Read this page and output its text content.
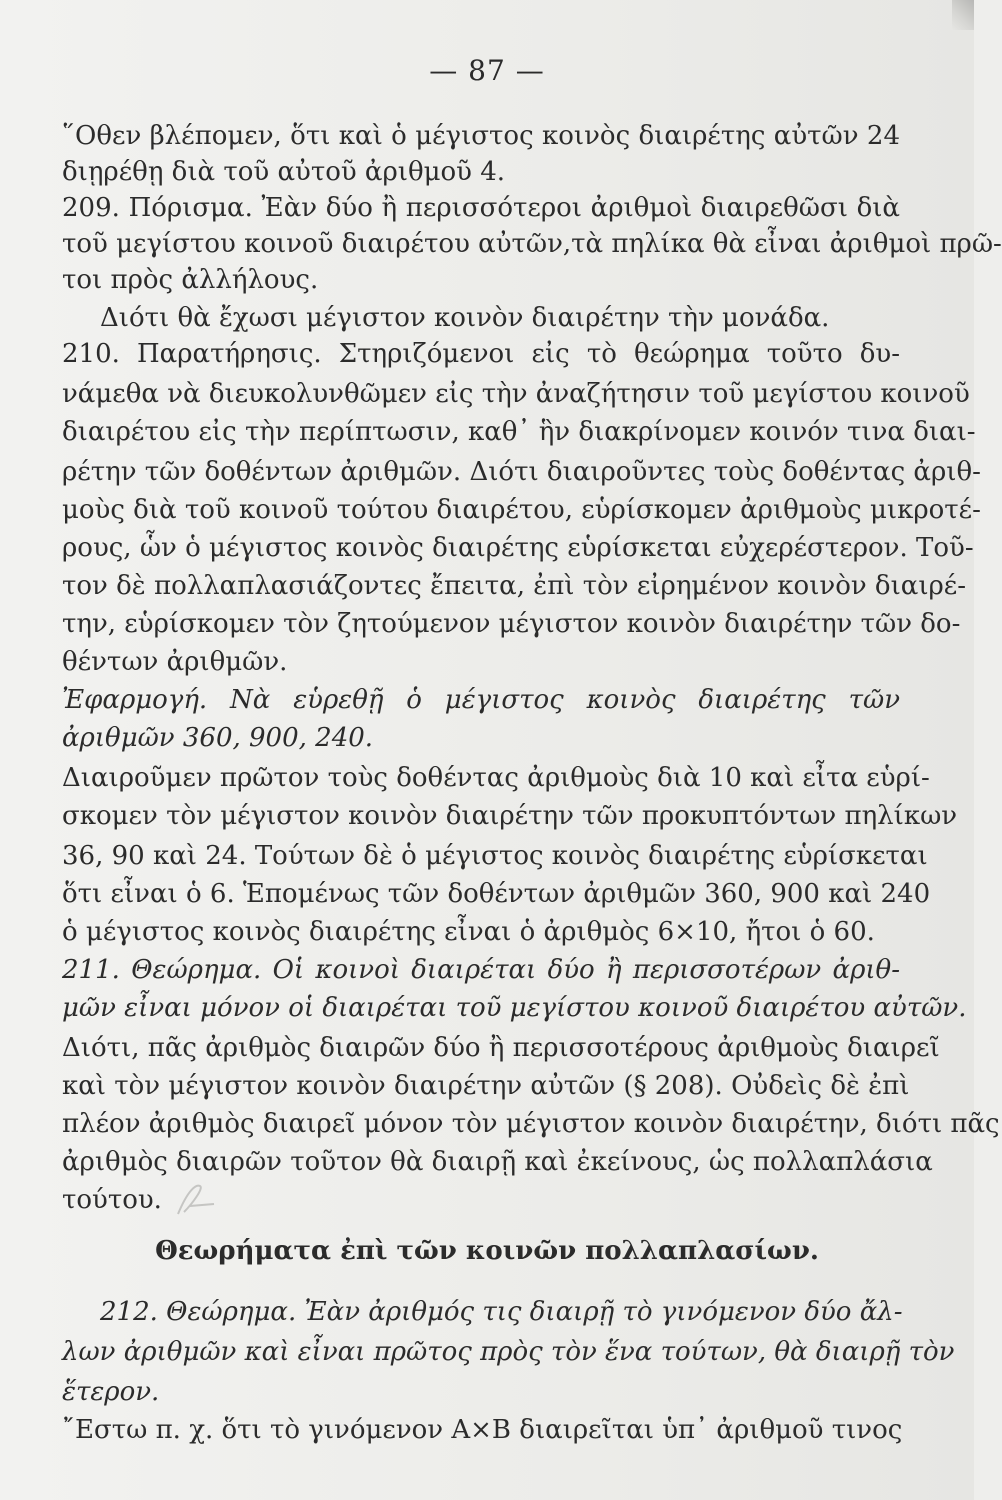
— 87 —
῞Οθεν βλέπομεν, ὅτι καὶ ὁ μέγιστος κοινὸς διαιρέτης αὐτῶν 24
διῃρέθῃ διὰ τοῦ αὐτοῦ ἀριθμοῦ 4.
209. Πόρισμα. Ἐὰν δύο ἢ περισσότεροι ἀριθμοὶ διαιρεθῶσι διὰ
τοῦ μεγίστου κοινοῦ διαιρέτου αὐτῶν,τὰ πηλίκα θὰ εἶναι ἀριθμοὶ πρῶ-
τοι πρὸς ἀλλήλους.
Διότι θὰ ἔχωσι μέγιστον κοινὸν διαιρέτην τὴν μονάδα.
210. Παρατήρησις. Στηριζόμενοι εἰς τὸ θεώρημα τοῦτο δυ-
νάμεθα νὰ διευκολυνθῶμεν εἰς τὴν ἀναζήτησιν τοῦ μεγίστου κοινοῦ
διαιρέτου εἰς τὴν περίπτωσιν, καθ᾽ ἣν διακρίνομεν κοινόν τινα διαι-
ρέτην τῶν δοθέντων ἀριθμῶν. Διότι διαιροῦντες τοὺς δοθέντας ἀριθ-
μοὺς διὰ τοῦ κοινοῦ τούτου διαιρέτου, εὑρίσκομεν ἀριθμοὺς μικροτέ-
ρους, ὧν ὁ μέγιστος κοινὸς διαιρέτης εὑρίσκεται εὐχερέστερον. Τοῦ-
τον δὲ πολλαπλασιάζοντες ἔπειτα, ἐπὶ τὸν εἰρημένον κοινὸν διαιρέ-
την, εὑρίσκομεν τὸν ζητούμενον μέγιστον κοινὸν διαιρέτην τῶν δο-
θέντων ἀριθμῶν.
Ἐφαρμογή. Νὰ εὑρεθῇ ὁ μέγιστος κοινὸς διαιρέτης τῶν
ἀριθμῶν 360, 900, 240.
Διαιροῦμεν πρῶτον τοὺς δοθέντας ἀριθμοὺς διὰ 10 καὶ εἶτα εὑρί-
σκομεν τὸν μέγιστον κοινὸν διαιρέτην τῶν προκυπτόντων πηλίκων
36, 90 καὶ 24. Τούτων δὲ ὁ μέγιστος κοινὸς διαιρέτης εὑρίσκεται
ὅτι εἶναι ὁ 6. Ἑπομένως τῶν δοθέντων ἀριθμῶν 360, 900 καὶ 240
ὁ μέγιστος κοινὸς διαιρέτης εἶναι ὁ ἀριθμὸς 6×10, ἤτοι ὁ 60.
211. Θεώρημα. Οἱ κοινοὶ διαιρέται δύο ἢ περισσοτέρων ἀριθ-
μῶν εἶναι μόνον οἱ διαιρέται τοῦ μεγίστου κοινοῦ διαιρέτου αὐτῶν.
Διότι, πᾶς ἀριθμὸς διαιρῶν δύο ἢ περισσοτέρους ἀριθμοὺς διαιρεῖ
καὶ τὸν μέγιστον κοινὸν διαιρέτην αὐτῶν (§ 208). Οὐδεὶς δὲ ἐπὶ
πλέον ἀριθμὸς διαιρεῖ μόνον τὸν μέγιστον κοινὸν διαιρέτην, διότι πᾶς
ἀριθμὸς διαιρῶν τοῦτον θὰ διαιρῇ καὶ ἐκείνους, ὡς πολλαπλάσια
τούτου.
Θεωρήματα ἐπὶ τῶν κοινῶν πολλαπλασίων.
212. Θεώρημα. Ἐὰν ἀριθμός τις διαιρῇ τὸ γινόμενον δύο ἄλ-
λων ἀριθμῶν καὶ εἶναι πρῶτος πρὸς τὸν ἕνα τούτων, θὰ διαιρῇ τὸν
ἕτερον.
῎Εστω π. χ. ὅτι τὸ γινόμενον Α×Β διαιρεῖται ὑπ᾽ ἀριθμοῦ τινος
